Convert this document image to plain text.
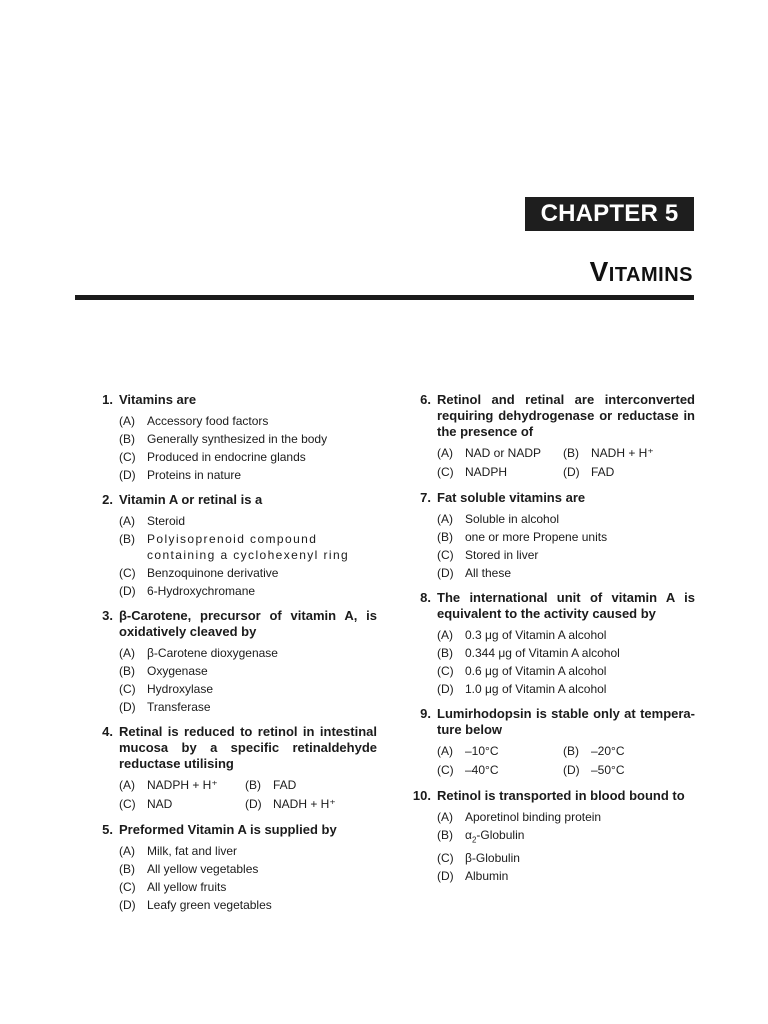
CHAPTER 5
VITAMINS
1. Vitamins are
(A)	Accessory food factors
(B)	Generally synthesized in the body
(C) Produced in endocrine glands
(D) Proteins in nature
2. Vitamin A or retinal is a
(A)	Steroid
(B)	Polyisoprenoid compound containing a cyclohexenyl ring
(C) Benzoquinone derivative
(D) 6-Hydroxychromane
3. β-Carotene, precursor of vitamin A, is oxidatively cleaved by
(A)	β-Carotene dioxygenase
(B)	Oxygenase
(C) Hydroxylase
(D) Transferase
4. Retinal is reduced to retinol in intestinal mucosa by a specific retinaldehyde reductase utilising
(A)	NADPH + H⁺ (B)	FAD
(C) NAD	(D) NADH + H⁺
5. Preformed Vitamin A is supplied by
(A)	Milk, fat and liver
(B)	All yellow vegetables
(C) All yellow fruits
(D) Leafy green vegetables
6. Retinol and retinal are interconverted requiring dehydrogenase or reductase in the presence of
(A)	NAD or NADP (B)	NADH + H⁺
(C) NADPH	(D) FAD
7. Fat soluble vitamins are
(A)	Soluble in alcohol
(B)	one or more Propene units
(C) Stored in liver
(D) All these
8. The international unit of vitamin A is equivalent to the activity caused by
(A)	0.3 μg of Vitamin A alcohol
(B)	0.344 μg of Vitamin A alcohol
(C) 0.6 μg of Vitamin A alcohol
(D) 1.0 μg of Vitamin A alcohol
9. Lumirhodopsin is stable only at tempera-ture below
(A)	–10°C	(B)	–20°C
(C) –40°C	(D) –50°C
10. Retinol is transported in blood bound to
(A)	Aporetinol binding protein
(B)	$\alpha_2$-Globulin
(C) β-Globulin
(D) Albumin
